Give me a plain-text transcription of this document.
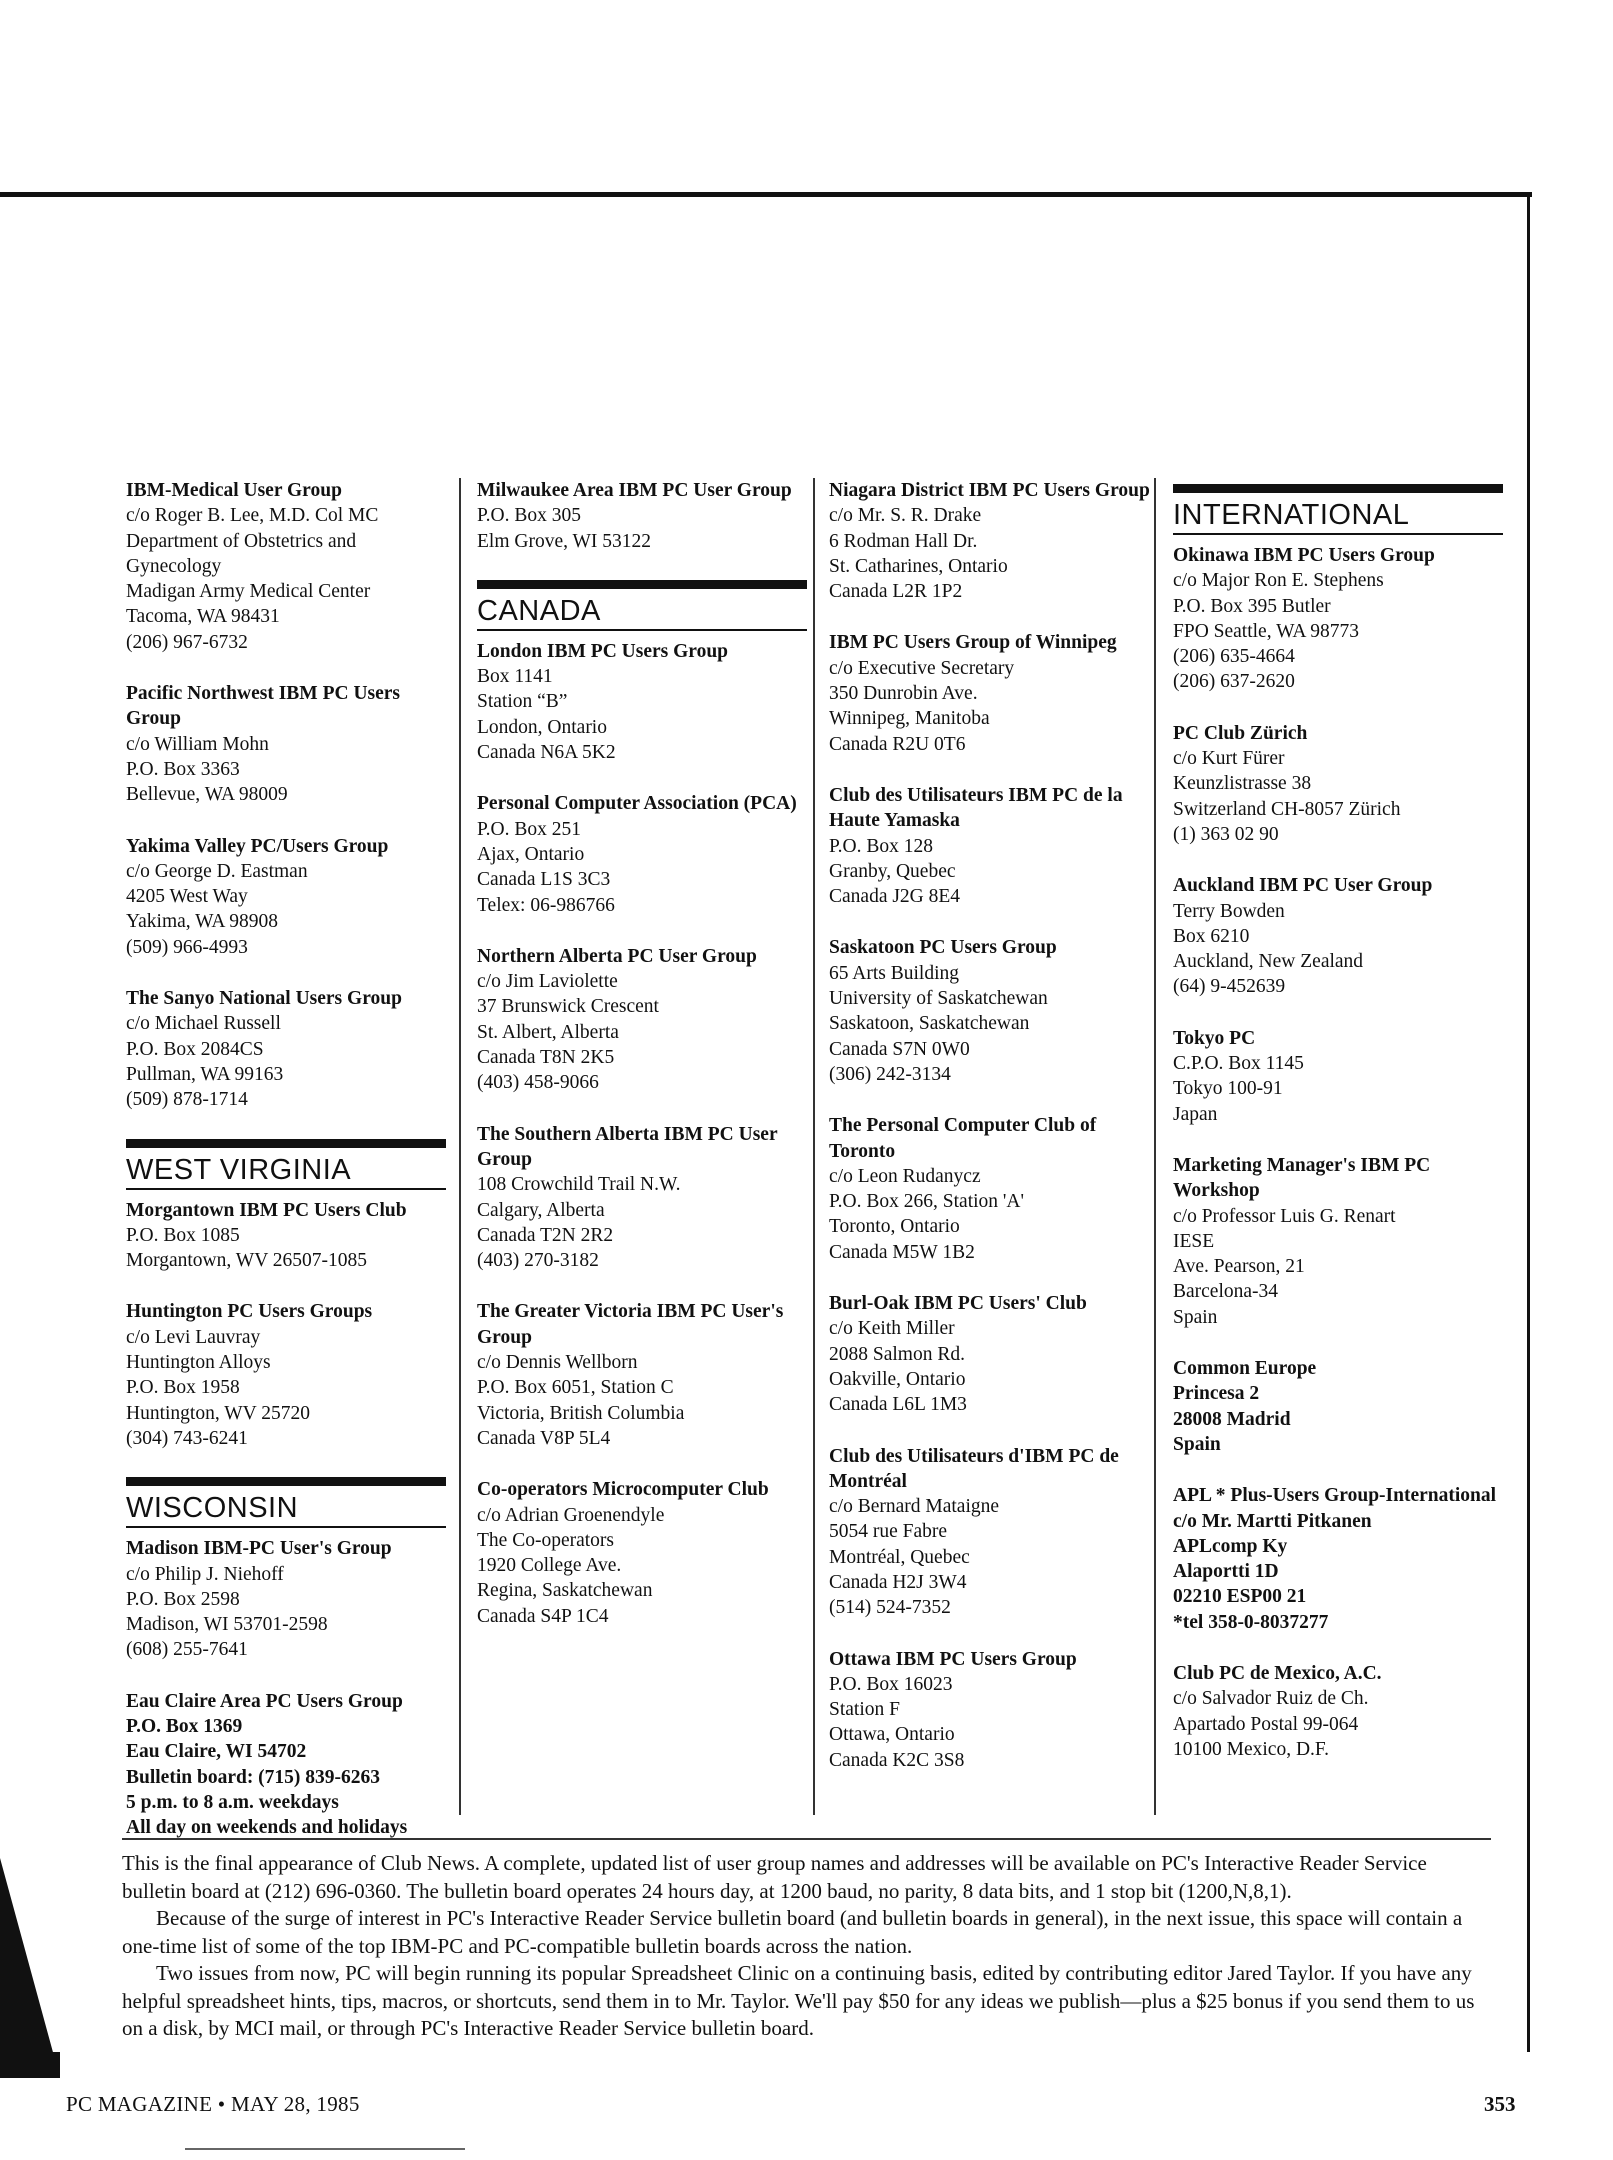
IBM-Medical User Group
c/o Roger B. Lee, M.D. Col MC
Department of Obstetrics and
Gynecology
Madigan Army Medical Center
Tacoma, WA 98431
(206) 967-6732
Pacific Northwest IBM PC Users Group
c/o William Mohn
P.O. Box 3363
Bellevue, WA 98009
Yakima Valley PC/Users Group
c/o George D. Eastman
4205 West Way
Yakima, WA 98908
(509) 966-4993
The Sanyo National Users Group
c/o Michael Russell
P.O. Box 2084CS
Pullman, WA 99163
(509) 878-1714
WEST VIRGINIA
Morgantown IBM PC Users Club
P.O. Box 1085
Morgantown, WV 26507-1085
Huntington PC Users Groups
c/o Levi Lauvray
Huntington Alloys
P.O. Box 1958
Huntington, WV 25720
(304) 743-6241
WISCONSIN
Madison IBM-PC User's Group
c/o Philip J. Niehoff
P.O. Box 2598
Madison, WI 53701-2598
(608) 255-7641
Eau Claire Area PC Users Group
P.O. Box 1369
Eau Claire, WI 54702
Bulletin board: (715) 839-6263
5 p.m. to 8 a.m. weekdays
All day on weekends and holidays
Milwaukee Area IBM PC User Group
P.O. Box 305
Elm Grove, WI 53122
CANADA
London IBM PC Users Group
Box 1141
Station “B”
London, Ontario
Canada N6A 5K2
Personal Computer Association (PCA)
P.O. Box 251
Ajax, Ontario
Canada L1S 3C3
Telex: 06-986766
Northern Alberta PC User Group
c/o Jim Laviolette
37 Brunswick Crescent
St. Albert, Alberta
Canada T8N 2K5
(403) 458-9066
The Southern Alberta IBM PC User Group
108 Crowchild Trail N.W.
Calgary, Alberta
Canada T2N 2R2
(403) 270-3182
The Greater Victoria IBM PC User's Group
c/o Dennis Wellborn
P.O. Box 6051, Station C
Victoria, British Columbia
Canada V8P 5L4
Co-operators Microcomputer Club
c/o Adrian Groenendyle
The Co-operators
1920 College Ave.
Regina, Saskatchewan
Canada S4P 1C4
Niagara District IBM PC Users Group
c/o Mr. S. R. Drake
6 Rodman Hall Dr.
St. Catharines, Ontario
Canada L2R 1P2
IBM PC Users Group of Winnipeg
c/o Executive Secretary
350 Dunrobin Ave.
Winnipeg, Manitoba
Canada R2U 0T6
Club des Utilisateurs IBM PC de la Haute Yamaska
P.O. Box 128
Granby, Quebec
Canada J2G 8E4
Saskatoon PC Users Group
65 Arts Building
University of Saskatchewan
Saskatoon, Saskatchewan
Canada S7N 0W0
(306) 242-3134
The Personal Computer Club of Toronto
c/o Leon Rudanycz
P.O. Box 266, Station 'A'
Toronto, Ontario
Canada M5W 1B2
Burl-Oak IBM PC Users' Club
c/o Keith Miller
2088 Salmon Rd.
Oakville, Ontario
Canada L6L 1M3
Club des Utilisateurs d'IBM PC de Montréal
c/o Bernard Mataigne
5054 rue Fabre
Montréal, Quebec
Canada H2J 3W4
(514) 524-7352
Ottawa IBM PC Users Group
P.O. Box 16023
Station F
Ottawa, Ontario
Canada K2C 3S8
INTERNATIONAL
Okinawa IBM PC Users Group
c/o Major Ron E. Stephens
P.O. Box 395 Butler
FPO Seattle, WA 98773
(206) 635-4664
(206) 637-2620
PC Club Zürich
c/o Kurt Fürer
Keunzlistrasse 38
Switzerland CH-8057 Zürich
(1) 363 02 90
Auckland IBM PC User Group
Terry Bowden
Box 6210
Auckland, New Zealand
(64) 9-452639
Tokyo PC
C.P.O. Box 1145
Tokyo 100-91
Japan
Marketing Manager's IBM PC Workshop
c/o Professor Luis G. Renart
IESE
Ave. Pearson, 21
Barcelona-34
Spain
Common Europe
Princesa 2
28008 Madrid
Spain
APL * Plus-Users Group-International
c/o Mr. Martti Pitkanen
APLcomp Ky
Alaportti 1D
02210 ESP00 21
*tel 358-0-8037277
Club PC de Mexico, A.C.
c/o Salvador Ruiz de Ch.
Apartado Postal 99-064
10100 Mexico, D.F.

This is the final appearance of Club News. A complete, updated list of user group names and addresses will be available on PC's Interactive Reader Service bulletin board at (212) 696-0360. The bulletin board operates 24 hours day, at 1200 baud, no parity, 8 data bits, and 1 stop bit (1200,N,8,1).

Because of the surge of interest in PC's Interactive Reader Service bulletin board (and bulletin boards in general), in the next issue, this space will contain a one-time list of some of the top IBM-PC and PC-compatible bulletin boards across the nation.

Two issues from now, PC will begin running its popular Spreadsheet Clinic on a continuing basis, edited by contributing editor Jared Taylor. If you have any helpful spreadsheet hints, tips, macros, or shortcuts, send them in to Mr. Taylor. We'll pay $50 for any ideas we publish—plus a $25 bonus if you send them to us on a disk, by MCI mail, or through PC's Interactive Reader Service bulletin board.

PC MAGAZINE • MAY 28, 1985	353
